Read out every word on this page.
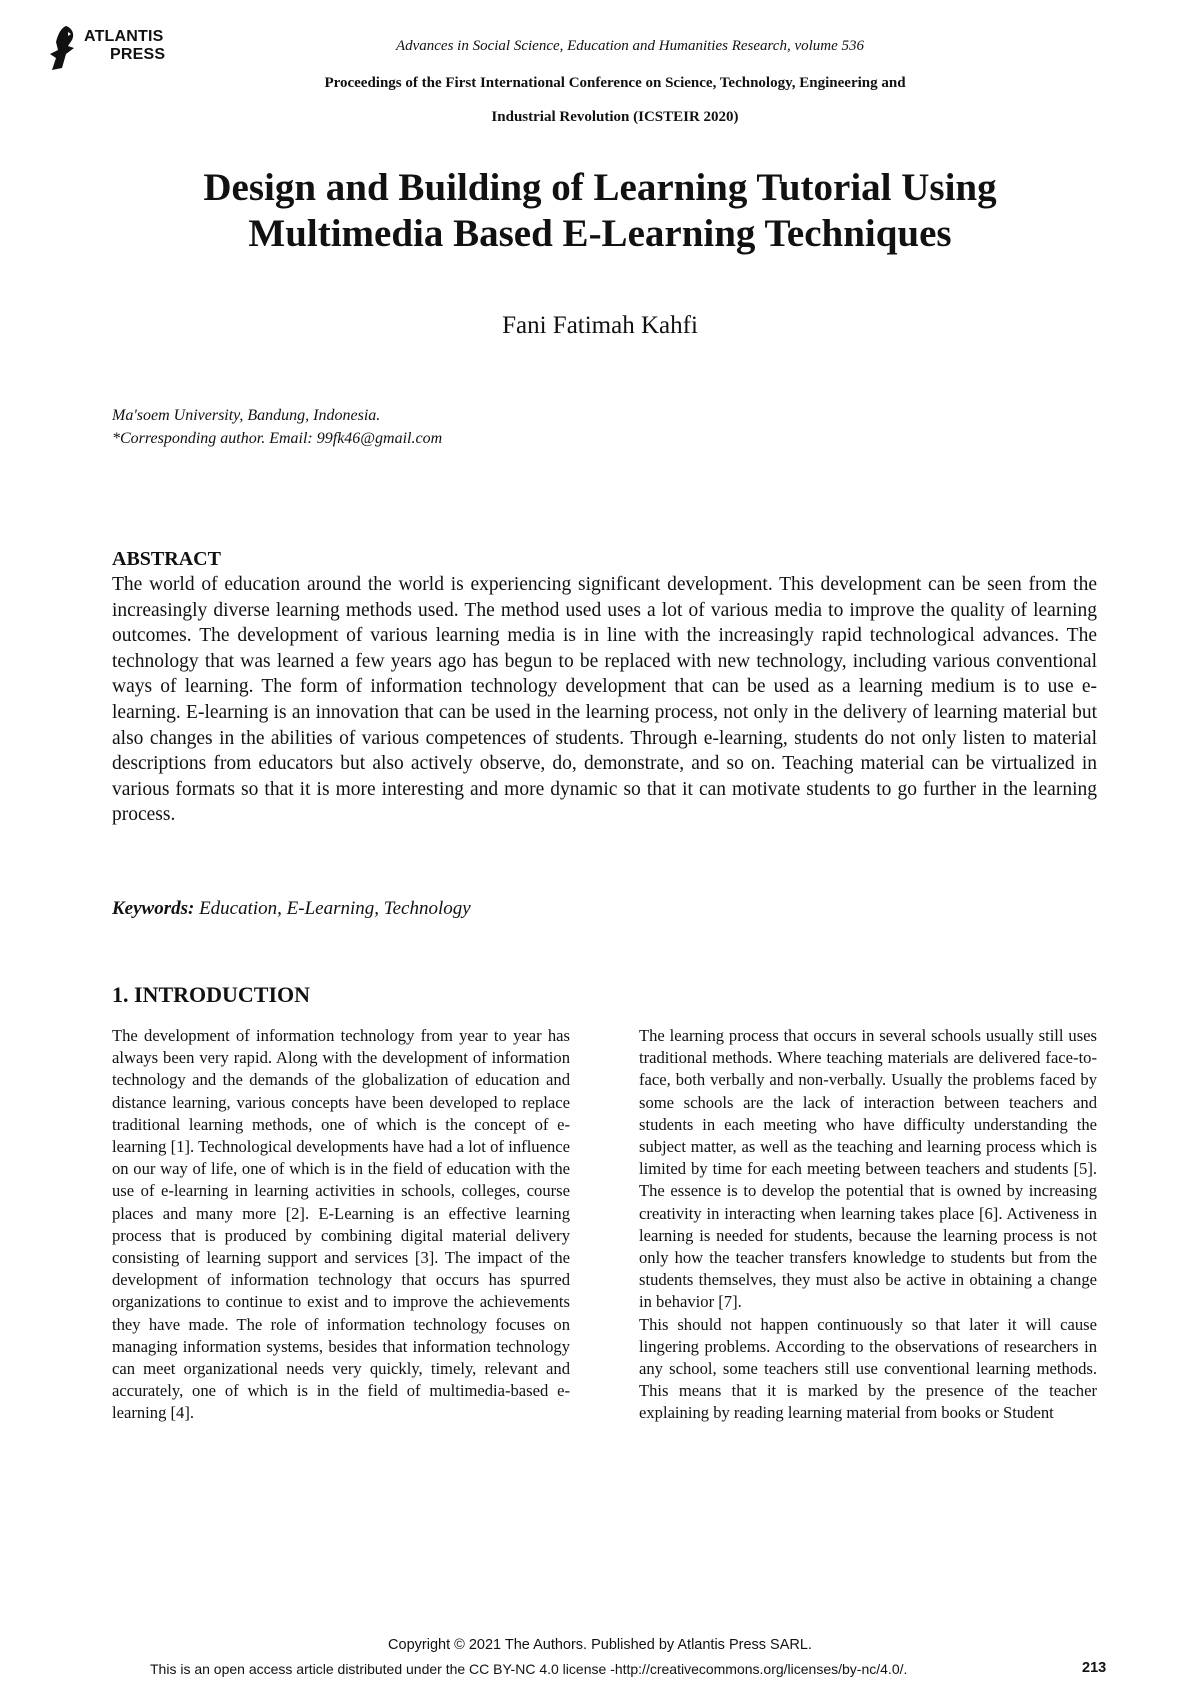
ATLANTIS
PRESS	Advances in Social Science, Education and Humanities Research, volume 536
Proceedings of the First International Conference on Science, Technology, Engineering and
Industrial Revolution (ICSTEIR 2020)
Design and Building of Learning Tutorial Using
Multimedia Based E-Learning Techniques
Fani Fatimah Kahfi
Ma'soem University, Bandung, Indonesia.
*Corresponding author. Email: 99fk46@gmail.com
ABSTRACT
The world of education around the world is experiencing significant development. This development can be seen from the increasingly diverse learning methods used. The method used uses a lot of various media to improve the quality of learning outcomes. The development of various learning media is in line with the increasingly rapid technological advances. The technology that was learned a few years ago has begun to be replaced with new technology, including various conventional ways of learning. The form of information technology development that can be used as a learning medium is to use e-learning. E-learning is an innovation that can be used in the learning process, not only in the delivery of learning material but also changes in the abilities of various competences of students. Through e-learning, students do not only listen to material descriptions from educators but also actively observe, do, demonstrate, and so on. Teaching material can be virtualized in various formats so that it is more interesting and more dynamic so that it can motivate students to go further in the learning process.
Keywords: Education, E-Learning, Technology
1. INTRODUCTION

The development of information technology from year to year has always been very rapid. Along with the development of information technology and the demands of the globalization of education and distance learning, various concepts have been developed to replace traditional learning methods, one of which is the concept of e-learning [1]. Technological developments have had a lot of influence on our way of life, one of which is in the field of education with the use of e-learning in learning activities in schools, colleges, course places and many more [2]. E-Learning is an effective learning process that is produced by combining digital material delivery consisting of learning support and services [3]. The impact of the development of information technology that occurs has spurred organizations to continue to exist and to improve the achievements they have made. The role of information technology focuses on managing information systems, besides that information technology can meet organizational needs very quickly, timely, relevant and accurately, one of which is in the field of multimedia-based e-learning [4].

The learning process that occurs in several schools usually still uses traditional methods. Where teaching materials are delivered face-to-face, both verbally and non-verbally. Usually the problems faced by some schools are the lack of interaction between teachers and students in each meeting who have difficulty understanding the subject matter, as well as the teaching and learning process which is limited by time for each meeting between teachers and students [5]. The essence is to develop the potential that is owned by increasing creativity in interacting when learning takes place [6]. Activeness in learning is needed for students, because the learning process is not only how the teacher transfers knowledge to students but from the students themselves, they must also be active in obtaining a change in behavior [7].

This should not happen continuously so that later it will cause lingering problems. According to the observations of researchers in any school, some teachers still use conventional learning methods. This means that it is marked by the presence of the teacher explaining by reading learning material from books or Student

Copyright © 2021 The Authors. Published by Atlantis Press SARL.
This is an open access article distributed under the CC BY-NC 4.0 license -http://creativecommons.org/licenses/by-nc/4.0/.	213
